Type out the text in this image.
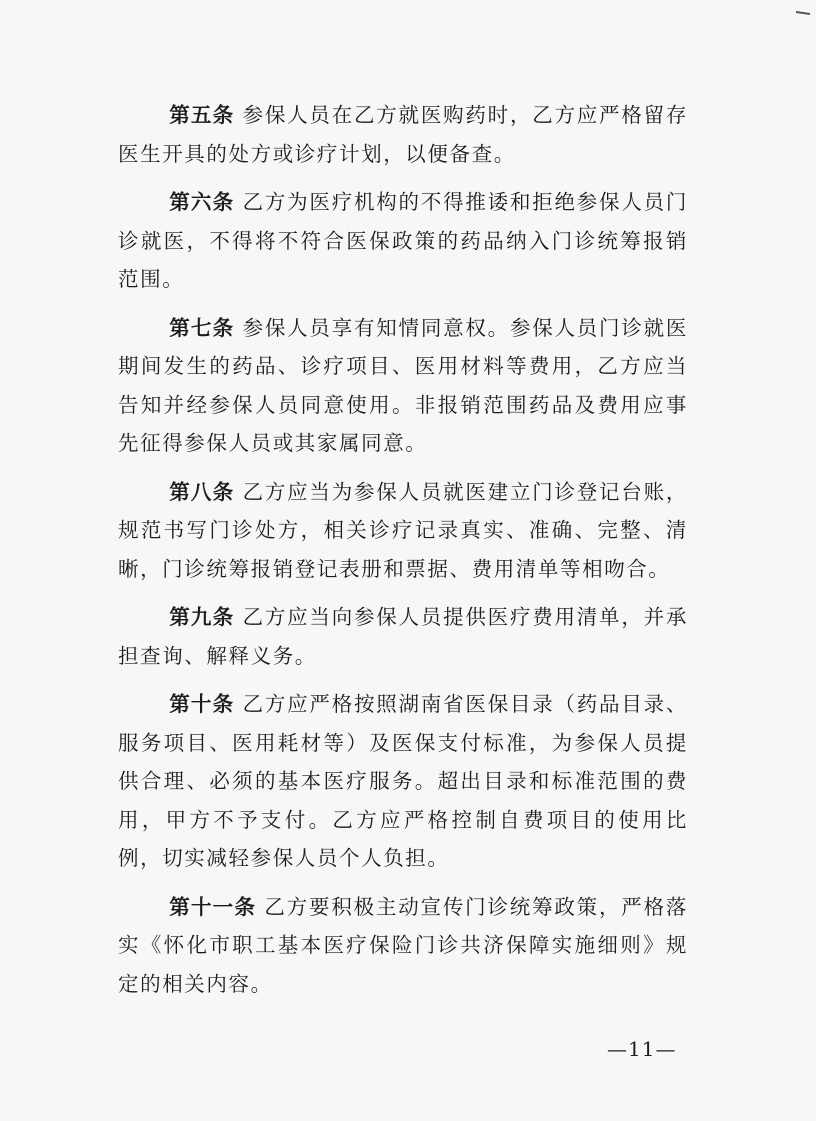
第五条 参保人员在乙方就医购药时，乙方应严格留存医生开具的处方或诊疗计划，以便备查。

第六条 乙方为医疗机构的不得推诿和拒绝参保人员门诊就医，不得将不符合医保政策的药品纳入门诊统筹报销范围。

第七条 参保人员享有知情同意权。参保人员门诊就医期间发生的药品、诊疗项目、医用材料等费用，乙方应当告知并经参保人员同意使用。非报销范围药品及费用应事先征得参保人员或其家属同意。

第八条 乙方应当为参保人员就医建立门诊登记台账，规范书写门诊处方，相关诊疗记录真实、准确、完整、清晰，门诊统筹报销登记表册和票据、费用清单等相吻合。

第九条 乙方应当向参保人员提供医疗费用清单，并承担查询、解释义务。

第十条 乙方应严格按照湖南省医保目录（药品目录、服务项目、医用耗材等）及医保支付标准，为参保人员提供合理、必须的基本医疗服务。超出目录和标准范围的费用，甲方不予支付。乙方应严格控制自费项目的使用比例，切实减轻参保人员个人负担。

第十一条 乙方要积极主动宣传门诊统筹政策，严格落实《怀化市职工基本医疗保险门诊共济保障实施细则》规定的相关内容。

—11—
